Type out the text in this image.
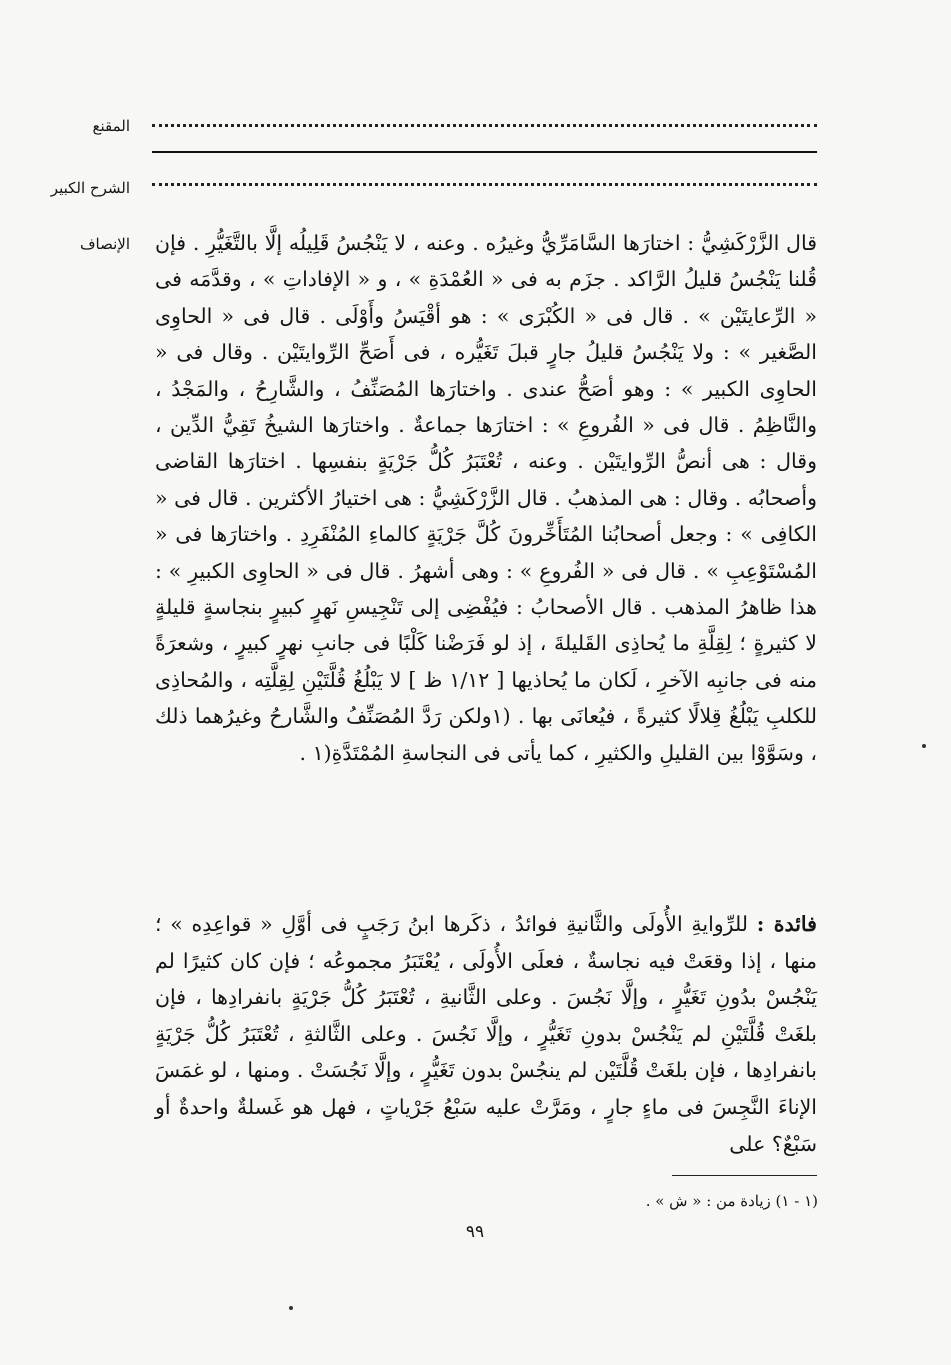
المقنع
الشرح الكبير
الإنصاف قال الزَّرْكَشِيُّ : اختارَها السَّامَرِّيُّ وغيرُه . وعنه ، لا يَنْجُسُ قَلِيلُه إلَّا بالتَّغَيُّرِ . فإن قُلنا يَنْجُسُ قليلُ الرَّاكد . جزَم به فى « العُمْدَةِ » ، و « الإفاداتِ » ، وقدَّمَه فى « الرِّعايتَيْن » . قال فى « الكُبْرَى » : هو أقْيَسُ وأَوْلَى . قال فى « الحاوِى الصَّغير » : ولا يَنْجُسُ قليلُ جارٍ قبلَ تَغَيُّره ، فى أَصَحِّ الرِّوايتَيْن . وقال فى « الحاوِى الكبير » : وهو أصَحُّ عندى . واختارَها المُصَنِّفُ ، والشَّارِحُ ، والمَجْدُ ، والنَّاظِمُ . قال فى « الفُروعِ » : اختارَها جماعةٌ . واختارَها الشيخُ تَقِيُّ الدِّين ، وقال : هى أنصُّ الرِّوايتَيْن . وعنه ، تُعْتَبَرُ كُلُّ جَرْيَةٍ بنفسِها . اختارَها القاضى وأصحابُه . وقال : هى المذهبُ . قال الزَّرْكَشِيُّ : هى اختيارُ الأكثرين . قال فى « الكافِى » : وجعل أصحابُنا المُتَأَخِّرونَ كُلَّ جَرْيَةٍ كالماءِ المُنْفَرِدِ . واختارَها فى « المُسْتَوْعِبِ » . قال فى « الفُروعِ » : وهى أشهرُ . قال فى « الحاوِى الكبيرِ » : هذا ظاهرُ المذهب . قال الأصحابُ : فيُفْضِى إلى تَنْجِيسِ نَهرٍ كبيرٍ بنجاسةٍ قليلةٍ لا كثيرةٍ ؛ لِقِلَّةِ ما يُحاذِى القَليلةَ ، إذ لو فَرَضْنا كَلْبًا فى جانبِ نهرٍ كبيرٍ ، وشعرَةً منه فى جانبِه الآخرِ ، لَكان ما يُحاذيها [ ١/١٢ ظ ] لا يَبْلُغُ قُلَّتَيْنِ لِقِلَّتِه ، والمُحاذِى للكلبِ يَبْلُغُ قِلالًا كثيرةً ، فيُعانَى بها . (١ولكن رَدَّ المُصَنِّفُ والشَّارحُ وغيرُهما ذلك ، وسَوَّوْا بين القليلِ والكثيرِ ، كما يأتى فى النجاسةِ المُمْتَدَّةِ(١ .

فائدة : للرِّوايةِ الأُولَى والثَّانيةِ فوائدُ ، ذكَرها ابنُ رَجَبٍ فى أوَّلِ « قواعِدِه » ؛ منها ، إذا وقعَتْ فيه نجاسةٌ ، فعلَى الأُولَى ، يُعْتَبَرُ مجموعُه ؛ فإن كان كثيرًا لم يَنْجُسْ بدُونِ تَغَيُّرٍ ، وإلَّا نَجُسَ . وعلى الثَّانيةِ ، تُعْتَبَرُ كُلُّ جَرْيَةٍ بانفرادِها ، فإن بلغَتْ قُلَّتَيْنِ لم يَنْجُسْ بدونِ تَغَيُّرٍ ، وإلَّا نَجُسَ . وعلى الثَّالثةِ ، تُعْتَبَرُ كُلُّ جَرْيَةٍ بانفرادِها ، فإن بلغَتْ قُلَّتَيْن لم ينجُسْ بدون تَغَيُّرٍ ، وإلَّا نَجُسَتْ . ومنها ، لو غمَسَ الإناءَ النَّجِسَ فى ماءٍ جارٍ ، ومَرَّتْ عليه سَبْعُ جَرْياتٍ ، فهل هو غَسلةٌ واحدةٌ أو سَبْعٌ؟ على

(١ - ١) زيادة من : « ش » .
٩٩
